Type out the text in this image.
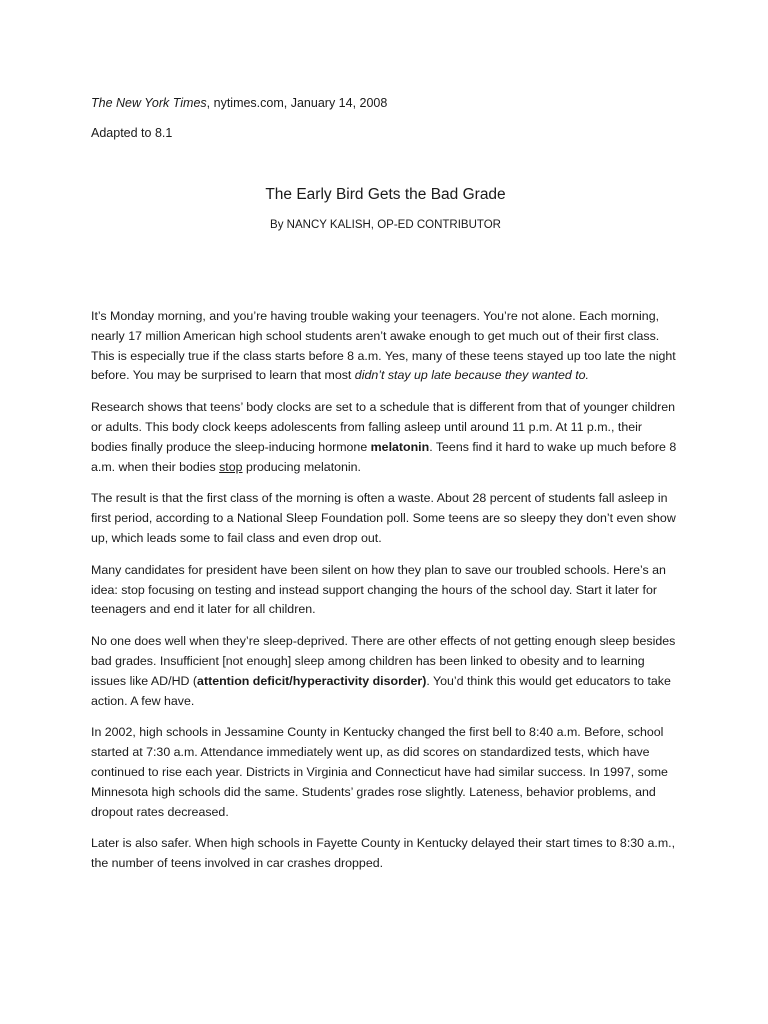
The New York Times, nytimes.com, January 14, 2008

Adapted to 8.1

The Early Bird Gets the Bad Grade

By NANCY KALISH, OP-ED CONTRIBUTOR

It’s Monday morning, and you’re having trouble waking your teenagers. You’re not alone. Each morning, nearly 17 million American high school students aren’t awake enough to get much out of their first class. This is especially true if the class starts before 8 a.m. Yes, many of these teens stayed up too late the night before. You may be surprised to learn that most didn’t stay up late because they wanted to.

Research shows that teens’ body clocks are set to a schedule that is different from that of younger children or adults. This body clock keeps adolescents from falling asleep until around 11 p.m. At 11 p.m., their bodies finally produce the sleep-inducing hormone melatonin. Teens find it hard to wake up much before 8 a.m. when their bodies stop producing melatonin.

The result is that the first class of the morning is often a waste. About 28 percent of students fall asleep in first period, according to a National Sleep Foundation poll. Some teens are so sleepy they don’t even show up, which leads some to fail class and even drop out.

Many candidates for president have been silent on how they plan to save our troubled schools. Here’s an idea: stop focusing on testing and instead support changing the hours of the school day. Start it later for teenagers and end it later for all children.

No one does well when they’re sleep-deprived. There are other effects of not getting enough sleep besides bad grades. Insufficient [not enough] sleep among children has been linked to obesity and to learning issues like AD/HD (attention deficit/hyperactivity disorder). You’d think this would get educators to take action. A few have.

In 2002, high schools in Jessamine County in Kentucky changed the first bell to 8:40 a.m. Before, school started at 7:30 a.m. Attendance immediately went up, as did scores on standardized tests, which have continued to rise each year. Districts in Virginia and Connecticut have had similar success. In 1997, some Minnesota high schools did the same. Students’ grades rose slightly. Lateness, behavior problems, and dropout rates decreased.

Later is also safer. When high schools in Fayette County in Kentucky delayed their start times to 8:30 a.m., the number of teens involved in car crashes dropped.
